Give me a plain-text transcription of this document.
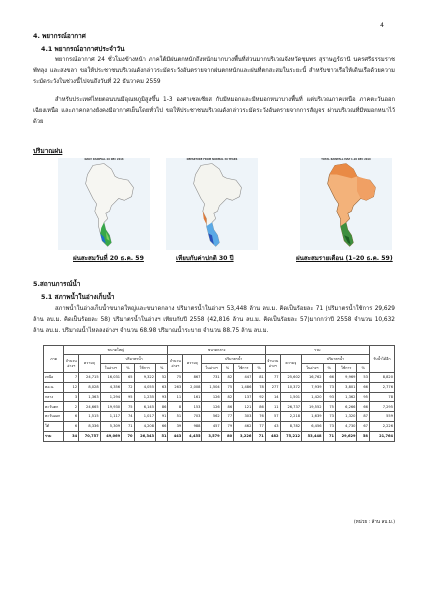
4
4. พยากรณ์อากาศ
4.1 พยากรณ์อากาศประจำวัน

พยากรณ์อากาศ 24 ชั่วโมงข้างหน้า ภาคใต้มีฝนตกหนักถึงหนักมากบางพื้นที่ส่วนมากบริเวณจังหวัดชุมพร สุราษฎร์ธานี นครศรีธรรมราช พัทลุง และสงขลา ขอให้ประชาชนบริเวณดังกล่าวระมัดระวังอันตรายจากฝนตกหนักและฝนที่ตกสะสมในระยะนี้ สำหรับชาวเรือให้เดินเรือด้วยความระมัดระวังในช่วงนี้ไปจนถึงวันที่ 22 ธันวาคม 2559

สำหรับประเทศไทยตอนบนมีอุณหภูมิสูงขึ้น 1-3 องศาเซลเซียส กับมีหมอกและมีหมอกหนาบางพื้นที่ แต่บริเวณภาคเหนือ ภาคตะวันออกเฉียงเหนือ และภาคกลางยังคงมีอากาศเย็นโดยทั่วไป ขอให้ประชาชนบริเวณดังกล่าวระมัดระวังอันตรายจากการสัญจร ผ่านบริเวณที่มีหมอกหนาไว้ด้วย

ปริมาณฝน
DAILY RAINFALL 20 DEC 2016	DEPARTURE FROM NORMAL 30 YEARS	TOTAL RAINFALL MAP 1-20 DEC 2016
ฝนสะสมวันที่ 20 ธ.ค. 59	เทียบกับค่าปกติ 30 ปี	ฝนสะสมรายเดือน (1–20 ธ.ค. 59)
5.สถานการณ์น้ำ
5.1 สภาพน้ำในอ่างเก็บน้ำ

สภาพน้ำในอ่างเก็บน้ำขนาดใหญ่และขนาดกลาง ปริมาตรน้ำในอ่างฯ 53,448 ล้าน ลบ.ม. คิดเป็นร้อยละ 71 (ปริมาตรน้ำใช้การ 29,629 ล้าน ลบ.ม. คิดเป็นร้อยละ 58) ปริมาตรน้ำในอ่างฯ เทียบกับปี 2558 (42,816 ล้าน ลบ.ม. คิดเป็นร้อยละ 57)มากกว่าปี 2558 จำนวน 10,632 ล้าน ลบ.ม. ปริมาณน้ำไหลลงอ่างฯ จำนวน 68.98 ปริมาณน้ำระบาย จำนวน 88.75 ล้าน ลบ.ม.

ภาค	ขนาดใหญ่						ขนาดกลาง						รวม						รับน้ำได้อีก
	จำนวน อ่างฯ	ความจุ	ปริมาตรน้ำ				จำนวน อ่างฯ	ความจุ	ปริมาตรน้ำ				จำนวน อ่างฯ	ความจุ	ปริมาตรน้ำ				
			ในอ่างฯ	%	ใช้การ	%			ในอ่างฯ	%	ใช้การ	%			ในอ่างฯ	%	ใช้การ	%	
เหนือ	7	24,715	16,031	65	9,322	52	75	867	731	82	447	81	77	25,602	16,762	66	9,969	53	8,820
ตอ.น.	12	8,028	4,356	72	4,055	63	263	2,008	1,504	75	1,486	78	277	10,372	7,939	73	3,801	66	2,776
กลาง	3	1,363	1,294	95	1,235	93	11	161	126	82	137	92	14	1,501	1,420	93	1,362	95	78
ตะวันตก	2	24,665	19,930	75	6,145	86	8	153	126	86	121	86	11	26,737	19,552	75	6,266	66	7,295
ตะวันออก	6	1,515	1,117	74	1,017	91	51	703	562	77	303	76	57	2,218	1,639	73	1,320	87	559
ใต้	6	8,336	5,309	71	4,208	66	39	988	457	79	462	77	43	8,782	6,456	73	4,730	67	2,226
รวม	34	70,757	49,069	70	26,343	51	443	4,455	3,579	80	3,226	71	482	75,212	53,448	71	29,629	58	21,764
(หน่วย : ล้าน ลบ.ม.)
